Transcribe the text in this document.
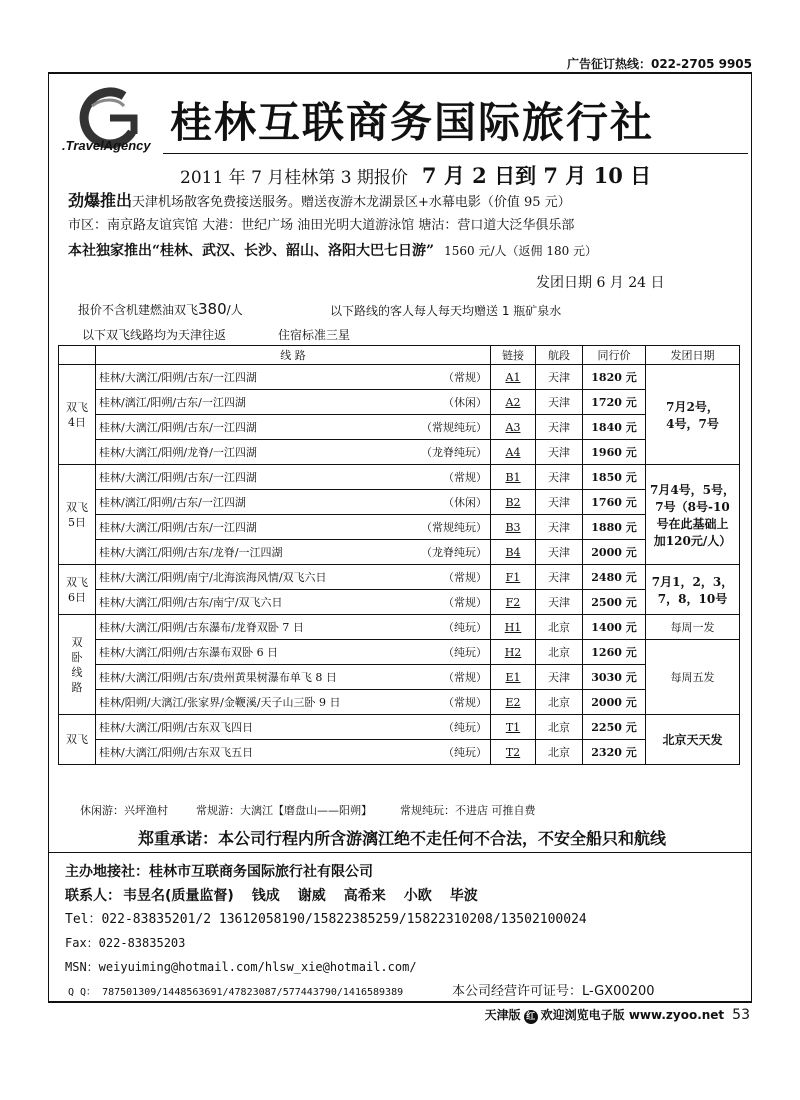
广告征订热线：022-2705 9905
.TravelAgency 桂林互联商务国际旅行社
2011 年 7 月桂林第 3 期报价 7 月 2 日到 7 月 10 日
劲爆推出天津机场散客免费接送服务。赠送夜游木龙湖景区+水幕电影（价值 95 元）
市区：南京路友谊宾馆 大港：世纪广场 油田光明大道游泳馆 塘沽：营口道大泛华俱乐部
本社独家推出“桂林、武汉、长沙、韶山、洛阳大巴七日游” 1560 元/人（返佣 180 元）
发团日期 6 月 24 日
报价不含机建燃油双飞380/人	以下路线的客人每人每天均赠送 1 瓶矿泉水
以下双飞线路均为天津往返	住宿标准三星
	线 路	链接	航段	同行价	发团日期
双飞
4日	桂林/大漓江/阳朔/古东/一江四湖 （常规）	A1	天津	1820 元	7月2号，
4号，7号

	桂林/漓江/阳朔/古东/一江四湖 （休闲）	A2	天津	1720 元	

	桂林/大漓江/阳朔/古东/一江四湖 （常规纯玩）	A3	天津	1840 元	

	桂林/大漓江/阳朔/龙脊/一江四湖 （龙脊纯玩）	A4	天津	1960 元	
双飞
5日	桂林/大漓江/阳朔/古东/一江四湖 （常规）	B1	天津	1850 元	7月4号，5号，
7号（8号-10
号在此基础上
加120元/人）

	桂林/漓江/阳朔/古东/一江四湖 （休闲）	B2	天津	1760 元	

	桂林/大漓江/阳朔/古东/一江四湖 （常规纯玩）	B3	天津	1880 元	

	桂林/大漓江/阳朔/古东/龙脊/一江四湖 （龙脊纯玩）	B4	天津	2000 元	
双飞
6日	桂林/大漓江/阳朔/南宁/北海滨海风情/双飞六日 （常规）	F1	天津	2480 元	7月1，2，3，
7，8，10号

	桂林/大漓江/阳朔/古东/南宁/双飞六日 （常规）	F2	天津	2500 元	
双
卧
线
路	桂林/大漓江/阳朔/古东瀑布/龙脊双卧 7 日 （纯玩）	H1	北京	1400 元	每周一发

	桂林/大漓江/阳朔/古东瀑布双卧 6 日 （纯玩）	H2	北京	1260 元	每周五发

	桂林/大漓江/阳朔/古东/贵州黄果树瀑布单飞 8 日 （常规）	E1	天津	3030 元	

	桂林/阳朔/大漓江/张家界/金鞭溪/天子山三卧 9 日 （常规）	E2	北京	2000 元	
双飞	桂林/大漓江/阳朔/古东双飞四日 （纯玩）	T1	北京	2250 元	北京天天发

	桂林/大漓江/阳朔/古东双飞五日 （纯玩）	T2	北京	2320 元	
休闲游：兴坪渔村	常规游：大漓江【磨盘山——阳朔】	常规纯玩：不进店 可推自费
郑重承诺：本公司行程内所含游漓江绝不走任何不合法，不安全船只和航线
主办地接社：桂林市互联商务国际旅行社有限公司
联系人： 韦昱名(质量监督) 钱成 谢威 高希来 小欧 毕波
Tel：022-83835201/2 13612058190/15822385259/15822310208/13502100024
Fax：022-83835203
MSN：weiyuiming@hotmail.com/hlsw_xie@hotmail.com/
Q Q： 787501309/1448563691/47823087/577443790/1416589389	本公司经营许可证号：L-GX00200
天津版 红 欢迎浏览电子版 www.zyoo.net 53
